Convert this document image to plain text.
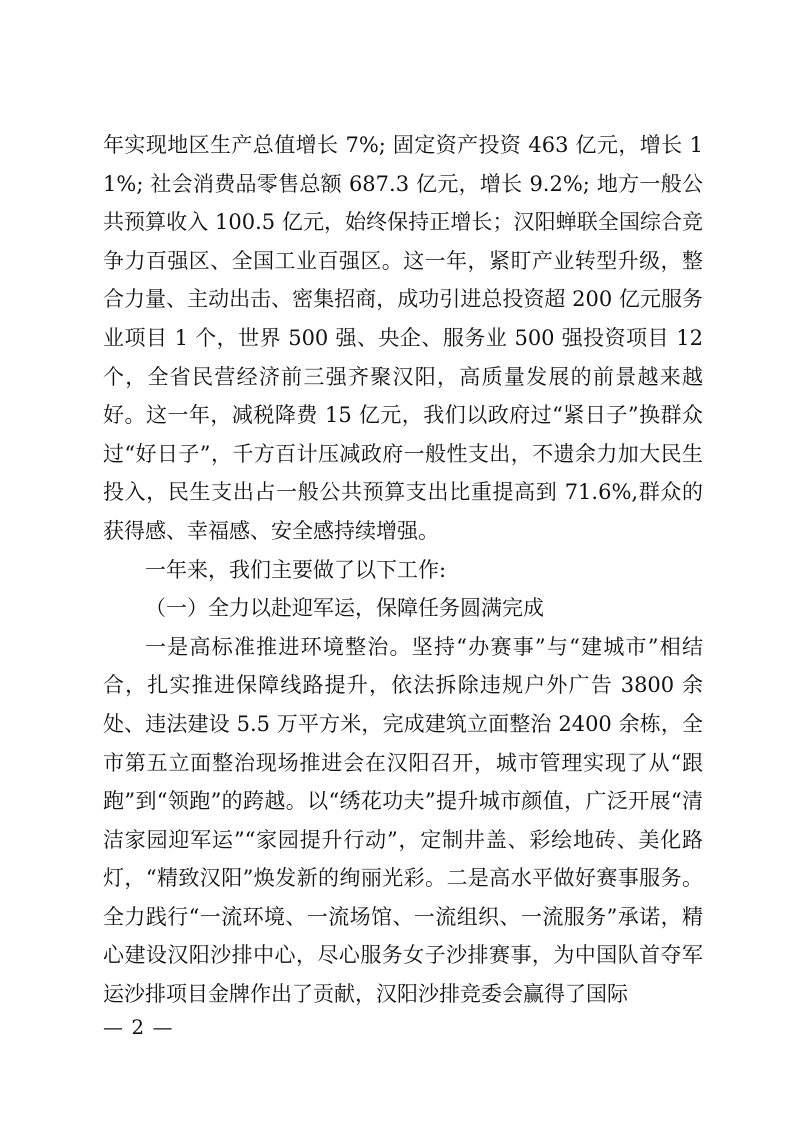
年实现地区生产总值增长 7%; 固定资产投资 463 亿元，增长 11%; 社会消费品零售总额 687.3 亿元，增长 9.2%; 地方一般公共预算收入 100.5 亿元，始终保持正增长；汉阳蝉联全国综合竞争力百强区、全国工业百强区。这一年，紧盯产业转型升级，整合力量、主动出击、密集招商，成功引进总投资超 200 亿元服务业项目 1 个，世界 500 强、央企、服务业 500 强投资项目 12 个，全省民营经济前三强齐聚汉阳，高质量发展的前景越来越好。这一年，减税降费 15 亿元，我们以政府过“紧日子”换群众过“好日子”，千方百计压减政府一般性支出，不遗余力加大民生投入，民生支出占一般公共预算支出比重提高到 71.6%,群众的获得感、幸福感、安全感持续增强。

一年来，我们主要做了以下工作:

（一）全力以赴迎军运，保障任务圆满完成

一是高标准推进环境整治。坚持“办赛事”与“建城市”相结合，扎实推进保障线路提升，依法拆除违规户外广告 3800 余处、违法建设 5.5 万平方米，完成建筑立面整治 2400 余栋，全市第五立面整治现场推进会在汉阳召开，城市管理实现了从“跟跑”到“领跑”的跨越。以“绣花功夫”提升城市颜值，广泛开展“清洁家园迎军运”“家园提升行动”，定制井盖、彩绘地砖、美化路灯，“精致汉阳”焕发新的绚丽光彩。二是高水平做好赛事服务。全力践行“一流环境、一流场馆、一流组织、一流服务”承诺，精心建设汉阳沙排中心，尽心服务女子沙排赛事，为中国队首夺军运沙排项目金牌作出了贡献，汉阳沙排竞委会赢得了国际

— 2 —
